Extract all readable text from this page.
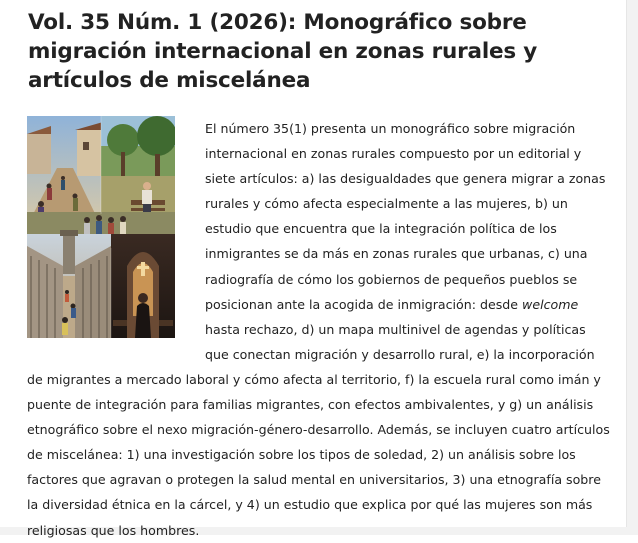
Vol. 35 Núm. 1 (2026): Monográfico sobre migración internacional en zonas rurales y artículos de miscelánea

El número 35(1) presenta un monográfico sobre migración internacional en zonas rurales compuesto por un editorial y siete artículos: a) las desigualdades que genera migrar a zonas rurales y cómo afecta especialmente a las mujeres, b) un estudio que encuentra que la integración política de los inmigrantes se da más en zonas rurales que urbanas, c) una radiografía de cómo los gobiernos de pequeños pueblos se posicionan ante la acogida de inmigración: desde welcome hasta rechazo, d) un mapa multinivel de agendas y políticas que conectan migración y desarrollo rural, e) la incorporación de migrantes a mercado laboral y cómo afecta al territorio, f) la escuela rural como imán y puente de integración para familias migrantes, con efectos ambivalentes, y g) un análisis etnográfico sobre el nexo migración-género-desarrollo. Además, se incluyen cuatro artículos de miscelánea: 1) una investigación sobre los tipos de soledad, 2) un análisis sobre los factores que agravan o protegen la salud mental en universitarios, 3) una etnografía sobre la diversidad étnica en la cárcel, y 4) un estudio que explica por qué las mujeres son más religiosas que los hombres.
